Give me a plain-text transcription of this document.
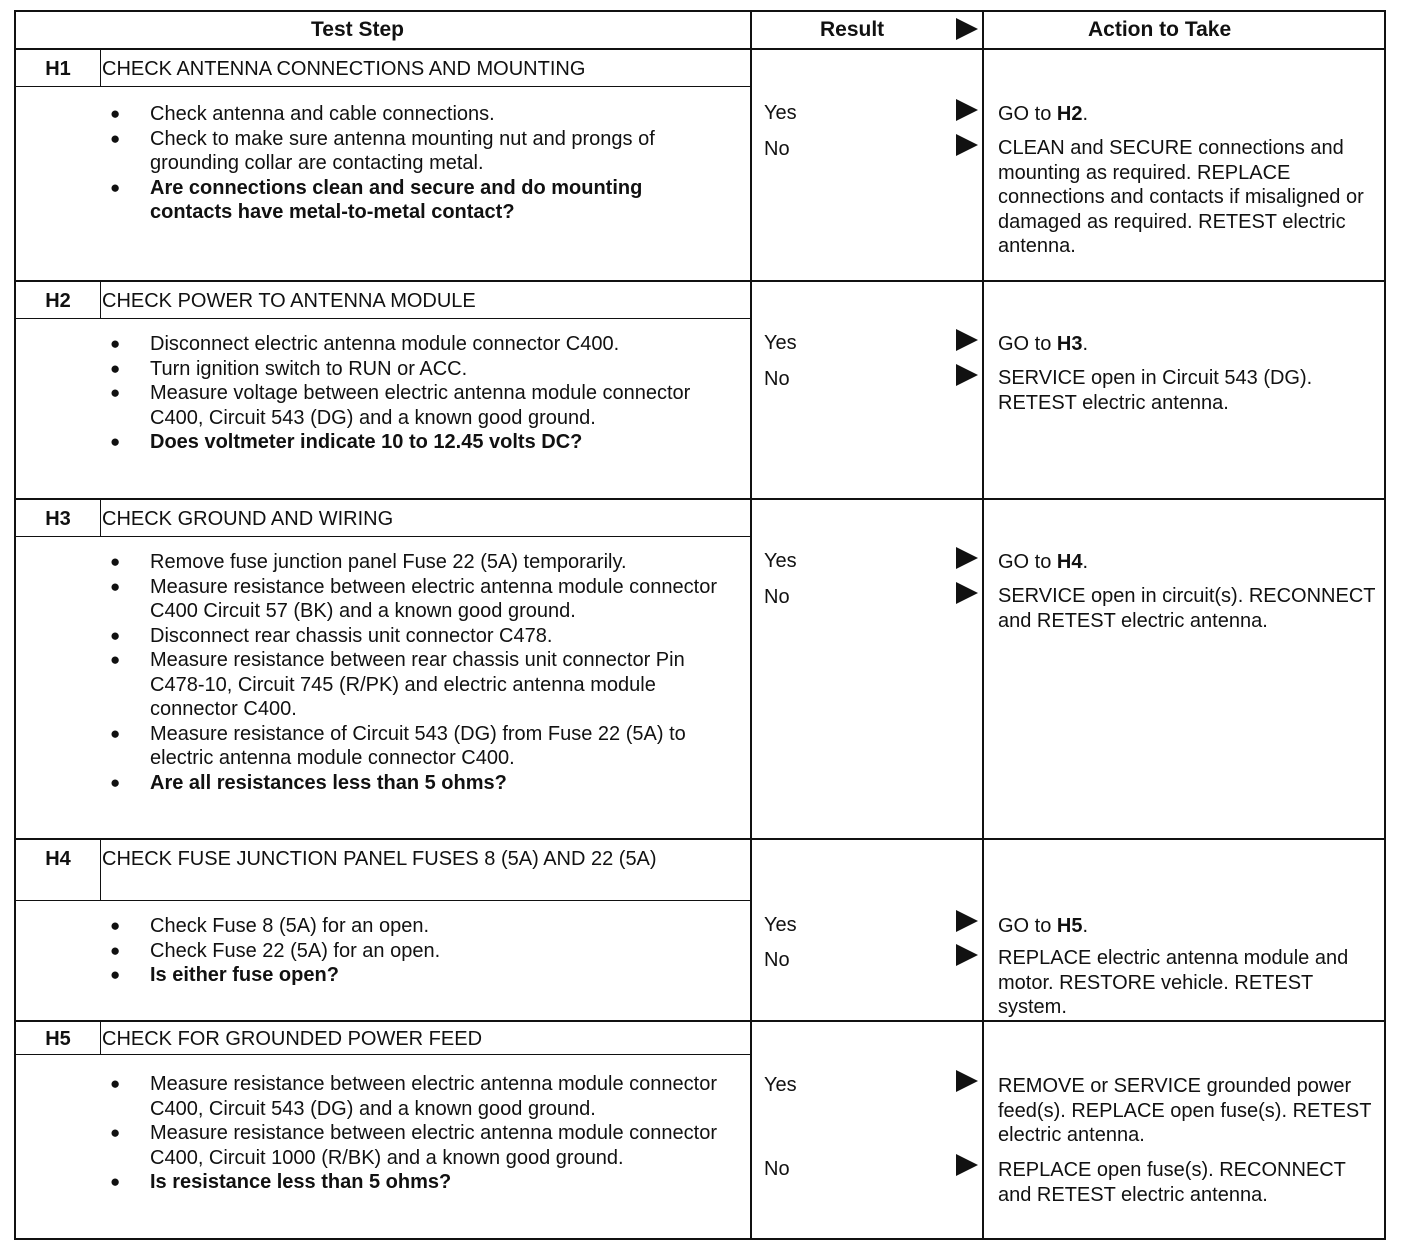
Test Step	Result	Action to Take
H1	CHECK ANTENNA CONNECTIONS AND MOUNTING
● Check antenna and cable connections.
● Check to make sure antenna mounting nut and prongs of grounding collar are contacting metal.
● Are connections clean and secure and do mounting contacts have metal-to-metal contact?
Yes	GO to H2.
No	CLEAN and SECURE connections and mounting as required. REPLACE connections and contacts if misaligned or damaged as required. RETEST electric antenna.
H2	CHECK POWER TO ANTENNA MODULE
● Disconnect electric antenna module connector C400.
● Turn ignition switch to RUN or ACC.
● Measure voltage between electric antenna module connector C400, Circuit 543 (DG) and a known good ground.
● Does voltmeter indicate 10 to 12.45 volts DC?
Yes	GO to H3.
No	SERVICE open in Circuit 543 (DG). RETEST electric antenna.
H3	CHECK GROUND AND WIRING
● Remove fuse junction panel Fuse 22 (5A) temporarily.
● Measure resistance between electric antenna module connector C400 Circuit 57 (BK) and a known good ground.
● Disconnect rear chassis unit connector C478.
● Measure resistance between rear chassis unit connector Pin C478-10, Circuit 745 (R/PK) and electric antenna module connector C400.
● Measure resistance of Circuit 543 (DG) from Fuse 22 (5A) to electric antenna module connector C400.
● Are all resistances less than 5 ohms?
Yes	GO to H4.
No	SERVICE open in circuit(s). RECONNECT and RETEST electric antenna.
H4	CHECK FUSE JUNCTION PANEL FUSES 8 (5A) AND 22 (5A)
● Check Fuse 8 (5A) for an open.
● Check Fuse 22 (5A) for an open.
● Is either fuse open?
Yes	GO to H5.
No	REPLACE electric antenna module and motor. RESTORE vehicle. RETEST system.
H5	CHECK FOR GROUNDED POWER FEED
● Measure resistance between electric antenna module connector C400, Circuit 543 (DG) and a known good ground.
● Measure resistance between electric antenna module connector C400, Circuit 1000 (R/BK) and a known good ground.
● Is resistance less than 5 ohms?
Yes	REMOVE or SERVICE grounded power feed(s). REPLACE open fuse(s). RETEST electric antenna.
No	REPLACE open fuse(s). RECONNECT and RETEST electric antenna.
